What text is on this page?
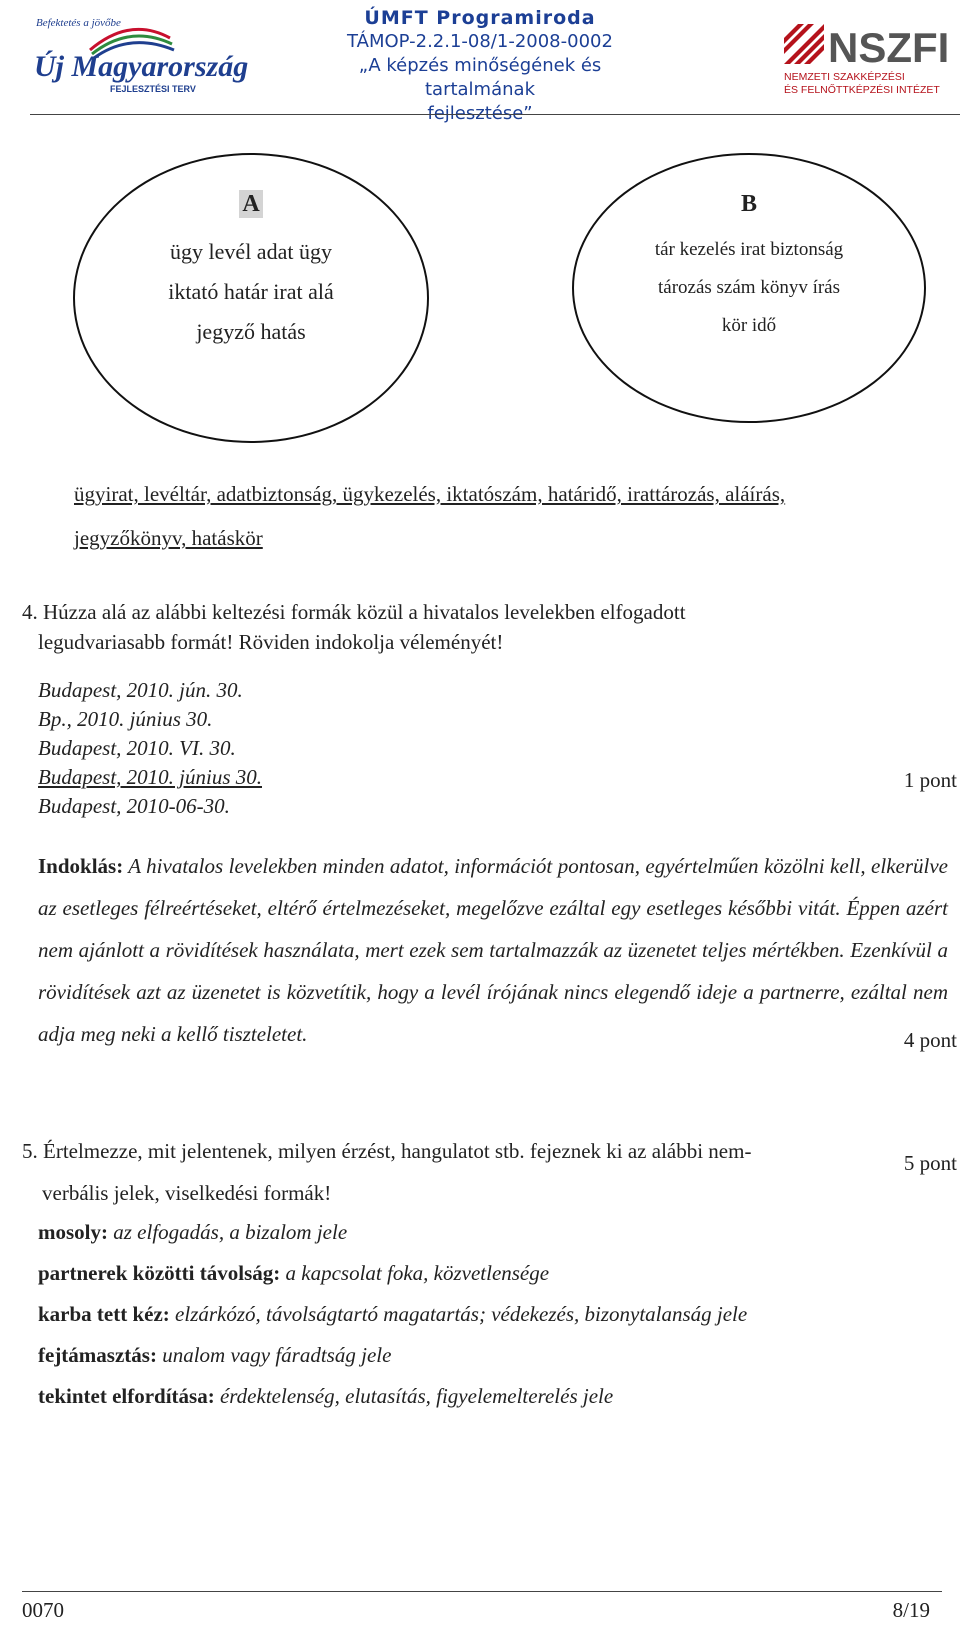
Befektetés a jövőbe
Új Magyarország
FEJLESZTÉSI TERV
ÚMFT Programiroda
TÁMOP-2.2.1-08/1-2008-0002
„A képzés minőségének és tartalmának
fejlesztése”
NSZFI
NEMZETI SZAKKÉPZÉSI
ÉS FELNŐTTKÉPZÉSI INTÉZET
A
ügy levél adat ügy
iktató határ irat alá
jegyző hatás
B
tár kezelés irat biztonság
tározás szám könyv írás
kör idő
ügyirat, levéltár, adatbiztonság, ügykezelés, iktatószám, határidő, irattározás, aláírás,
jegyzőkönyv, hatáskör
4. Húzza alá az alábbi keltezési formák közül a hivatalos levelekben elfogadott
legudvariasabb formát! Röviden indokolja véleményét!
Budapest, 2010. jún. 30.
Bp., 2010. június 30.
Budapest, 2010. VI. 30.
Budapest, 2010. június 30.
Budapest, 2010-06-30.
1 pont
Indoklás: A hivatalos levelekben minden adatot, információt pontosan, egyértelműen közölni kell, elkerülve az esetleges félreértéseket, eltérő értelmezéseket, megelőzve ezáltal egy esetleges későbbi vitát. Éppen azért nem ajánlott a rövidítések használata, mert ezek sem tartalmazzák az üzenetet teljes mértékben. Ezenkívül a rövidítések azt az üzenetet is közvetítik, hogy a levél írójának nincs elegendő ideje a partnerre, ezáltal nem adja meg neki a kellő tiszteletet.	4 pont
5. Értelmezze, mit jelentenek, milyen érzést, hangulatot stb. fejeznek ki az alábbi nem-
verbális jelek, viselkedési formák!
5 pont
mosoly: az elfogadás, a bizalom jele
partnerek közötti távolság: a kapcsolat foka, közvetlensége
karba tett kéz: elzárkózó, távolságtartó magatartás; védekezés, bizonytalanság jele
fejtámasztás: unalom vagy fáradtság jele
tekintet elfordítása: érdektelenség, elutasítás, figyelemelterelés jele
0070	8/19
